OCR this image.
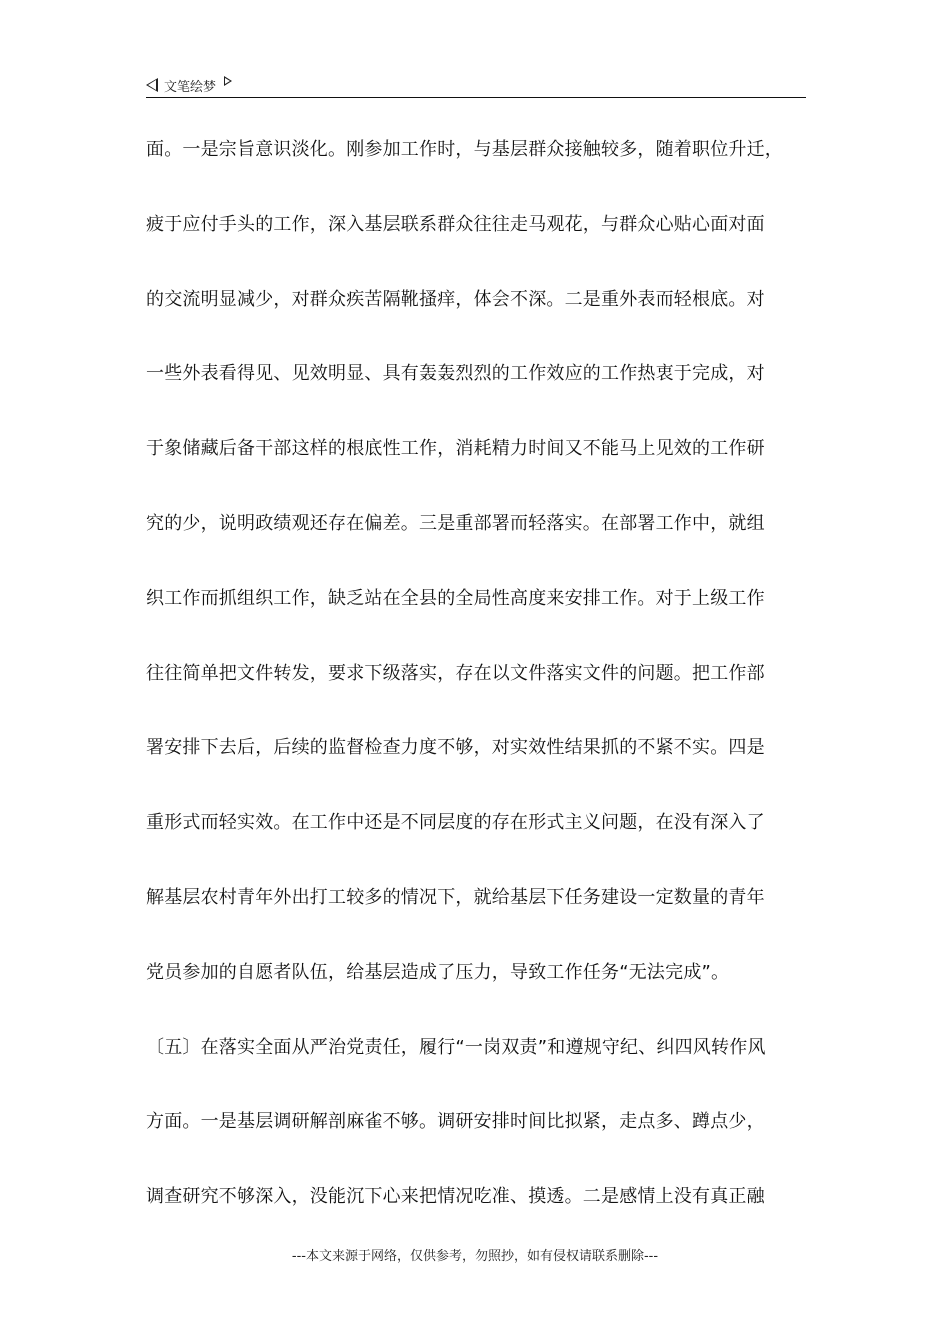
文笔绘梦
面。一是宗旨意识淡化。刚参加工作时，与基层群众接触较多，随着职位升迁，
疲于应付手头的工作，深入基层联系群众往往走马观花，与群众心贴心面对面
的交流明显减少，对群众疾苦隔靴搔痒，体会不深。二是重外表而轻根底。对
一些外表看得见、见效明显、具有轰轰烈烈的工作效应的工作热衷于完成，对
于象储藏后备干部这样的根底性工作，消耗精力时间又不能马上见效的工作研
究的少，说明政绩观还存在偏差。三是重部署而轻落实。在部署工作中，就组
织工作而抓组织工作，缺乏站在全县的全局性高度来安排工作。对于上级工作
往往简单把文件转发，要求下级落实，存在以文件落实文件的问题。把工作部
署安排下去后，后续的监督检查力度不够，对实效性结果抓的不紧不实。四是
重形式而轻实效。在工作中还是不同层度的存在形式主义问题，在没有深入了
解基层农村青年外出打工较多的情况下，就给基层下任务建设一定数量的青年
党员参加的自愿者队伍，给基层造成了压力，导致工作任务“无法完成”。
〔五〕在落实全面从严治党责任，履行“一岗双责”和遵规守纪、纠四风转作风
方面。一是基层调研解剖麻雀不够。调研安排时间比拟紧，走点多、蹲点少，
调查研究不够深入，没能沉下心来把情况吃准、摸透。二是感情上没有真正融
---本文来源于网络，仅供参考，勿照抄，如有侵权请联系删除---
